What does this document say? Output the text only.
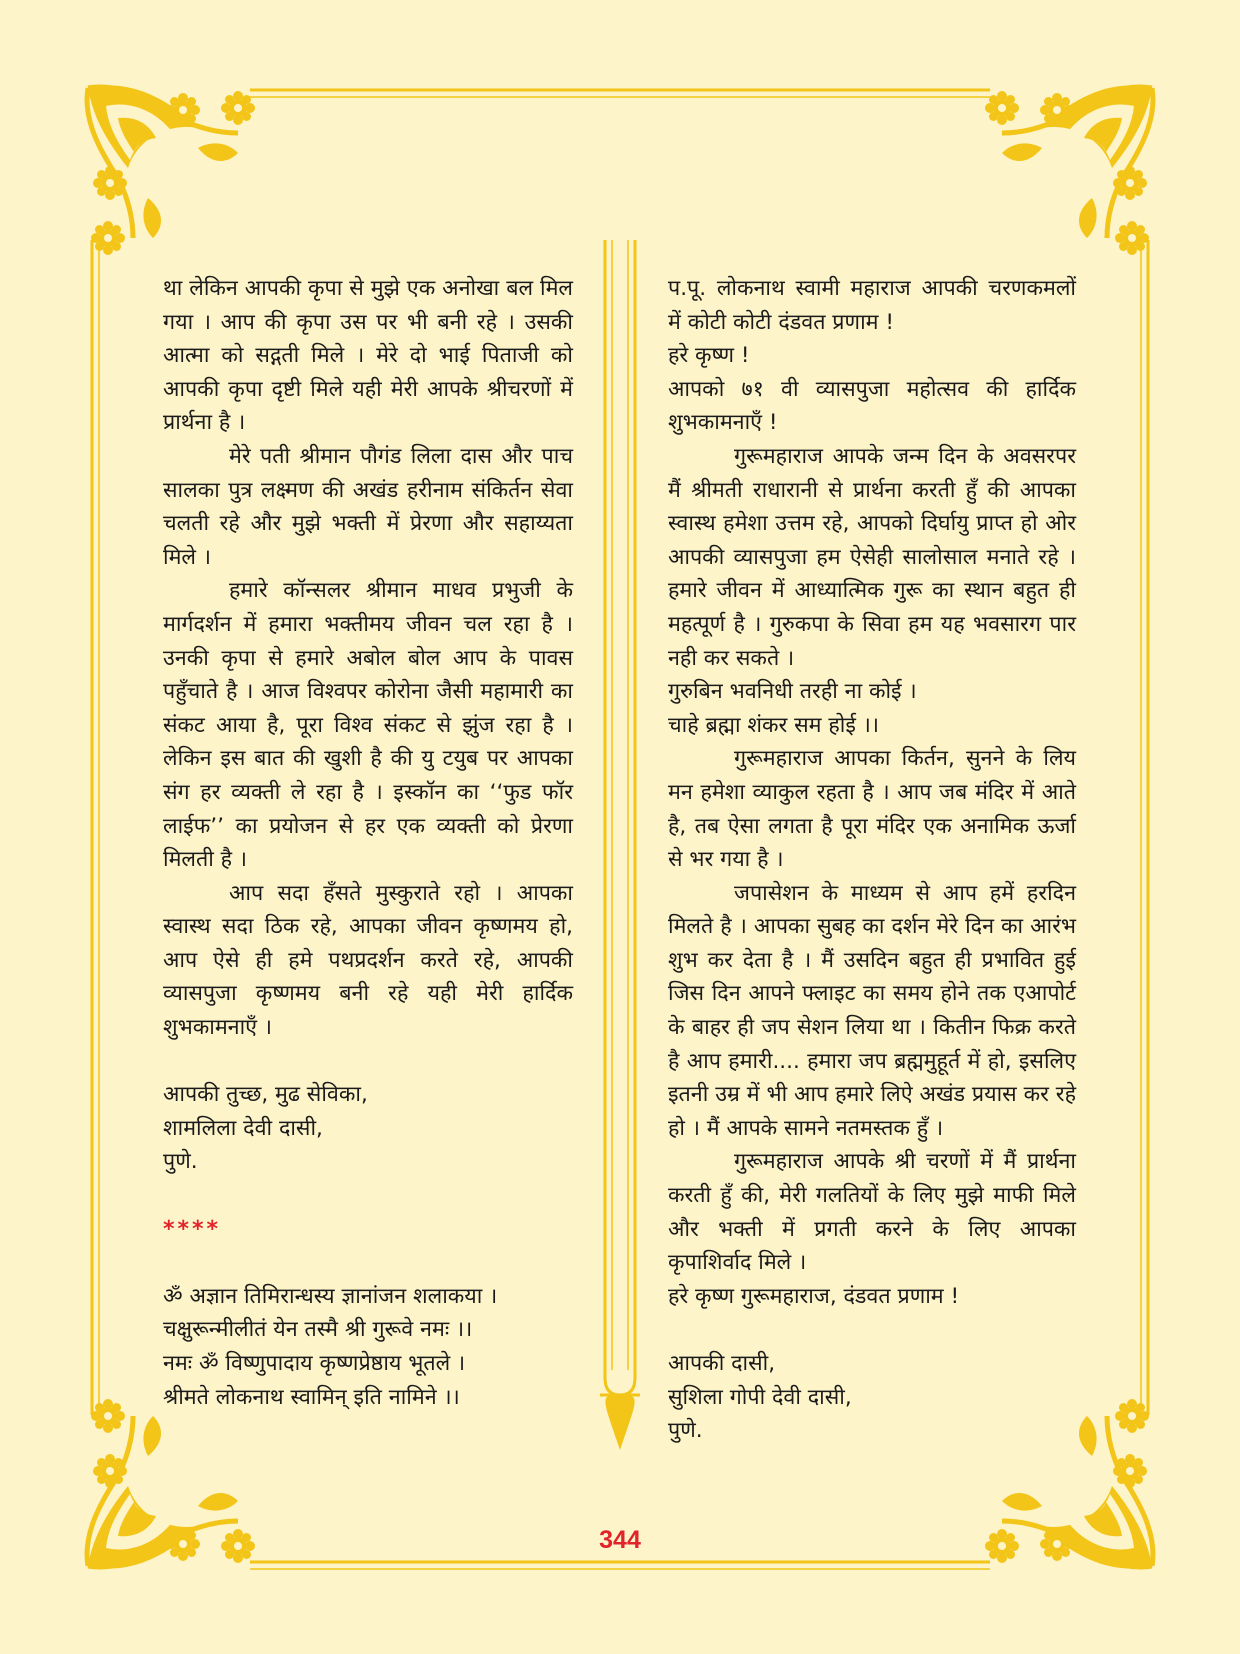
था लेकिन आपकी कृपा से मुझे एक अनोखा बल मिल गया । आप की कृपा उस पर भी बनी रहे । उसकी आत्मा को सद्गती मिले । मेरे दो भाई पिताजी को आपकी कृपा दृष्टी मिले यही मेरी आपके श्रीचरणों में प्रार्थना है ।

मेरे पती श्रीमान पौगंड लिला दास और पाच सालका पुत्र लक्ष्मण की अखंड हरीनाम संकिर्तन सेवा चलती रहे और मुझे भक्ती में प्रेरणा और सहाय्यता मिले ।

हमारे कॉन्सलर श्रीमान माधव प्रभुजी के मार्गदर्शन में हमारा भक्तीमय जीवन चल रहा है । उनकी कृपा से हमारे अबोल बोल आप के पावस पहुँचाते है । आज विश्वपर कोरोना जैसी महामारी का संकट आया है, पूरा विश्व संकट से झुंज रहा है । लेकिन इस बात की खुशी है की यु टयुब पर आपका संग हर व्यक्ती ले रहा है । इस्कॉन का ‘‘फुड फॉर लाईफ’’ का प्रयोजन से हर एक व्यक्ती को प्रेरणा मिलती है ।

आप सदा हँसते मुस्कुराते रहो । आपका स्वास्थ सदा ठिक रहे, आपका जीवन कृष्णमय हो, आप ऐसे ही हमे पथप्रदर्शन करते रहे, आपकी व्यासपुजा कृष्णमय बनी रहे यही मेरी हार्दिक शुभकामनाएँ ।

आपकी तुच्छ, मुढ सेविका,

शामलिला देवी दासी,

पुणे.

****

ॐ अज्ञान तिमिरान्धस्य ज्ञानांजन शलाकया ।

चक्षुरून्मीलीतं येन तस्मै श्री गुरूवे नमः ।।

नमः ॐ विष्णुपादाय कृष्णप्रेष्ठाय भूतले ।

श्रीमते लोकनाथ स्वामिन् इति नामिने ।।

प.पू. लोकनाथ स्वामी महाराज आपकी चरणकमलों में कोटी कोटी दंडवत प्रणाम !

हरे कृष्ण !

आपको ७१ वी व्यासपुजा महोत्सव की हार्दिक शुभकामनाएँ !

गुरूमहाराज आपके जन्म दिन के अवसरपर मैं श्रीमती राधारानी से प्रार्थना करती हुँ की आपका स्वास्थ हमेशा उत्तम रहे, आपको दिर्घायु प्राप्त हो ओर आपकी व्यासपुजा हम ऐसेही सालोसाल मनाते रहे ।हमारे जीवन में आध्यात्मिक गुरू का स्थान बहुत ही महत्पूर्ण है । गुरुकपा के सिवा हम यह भवसारग पार नही कर सकते ।

गुरुबिन भवनिधी तरही ना कोई ।

चाहे ब्रह्मा शंकर सम होई ।।

गुरूमहाराज आपका किर्तन, सुनने के लिय मन हमेशा व्याकुल रहता है । आप जब मंदिर में आते है, तब ऐसा लगता है पूरा मंदिर एक अनामिक ऊर्जा से भर गया है ।

जपासेशन के माध्यम से आप हमें हरदिन मिलते है । आपका सुबह का दर्शन मेरे दिन का आरंभ शुभ कर देता है । मैं उसदिन बहुत ही प्रभावित हुई जिस दिन आपने फ्लाइट का समय होने तक एआपोर्ट के बाहर ही जप सेशन लिया था । कितीन फिक्र करते है आप हमारी.... हमारा जप ब्रह्ममुहूर्त में हो, इसलिए इतनी उम्र में भी आप हमारे लिऐ अखंड प्रयास कर रहे हो । मैं आपके सामने नतमस्तक हुँ ।

गुरूमहाराज आपके श्री चरणों में मैं प्रार्थना करती हुँ की, मेरी गलतियों के लिए मुझे माफी मिले और भक्ती में प्रगती करने के लिए आपका कृपाशिर्वाद मिले ।

हरे कृष्ण गुरूमहाराज, दंडवत प्रणाम !

आपकी दासी,

सुशिला गोपी देवी दासी,

पुणे.

344
